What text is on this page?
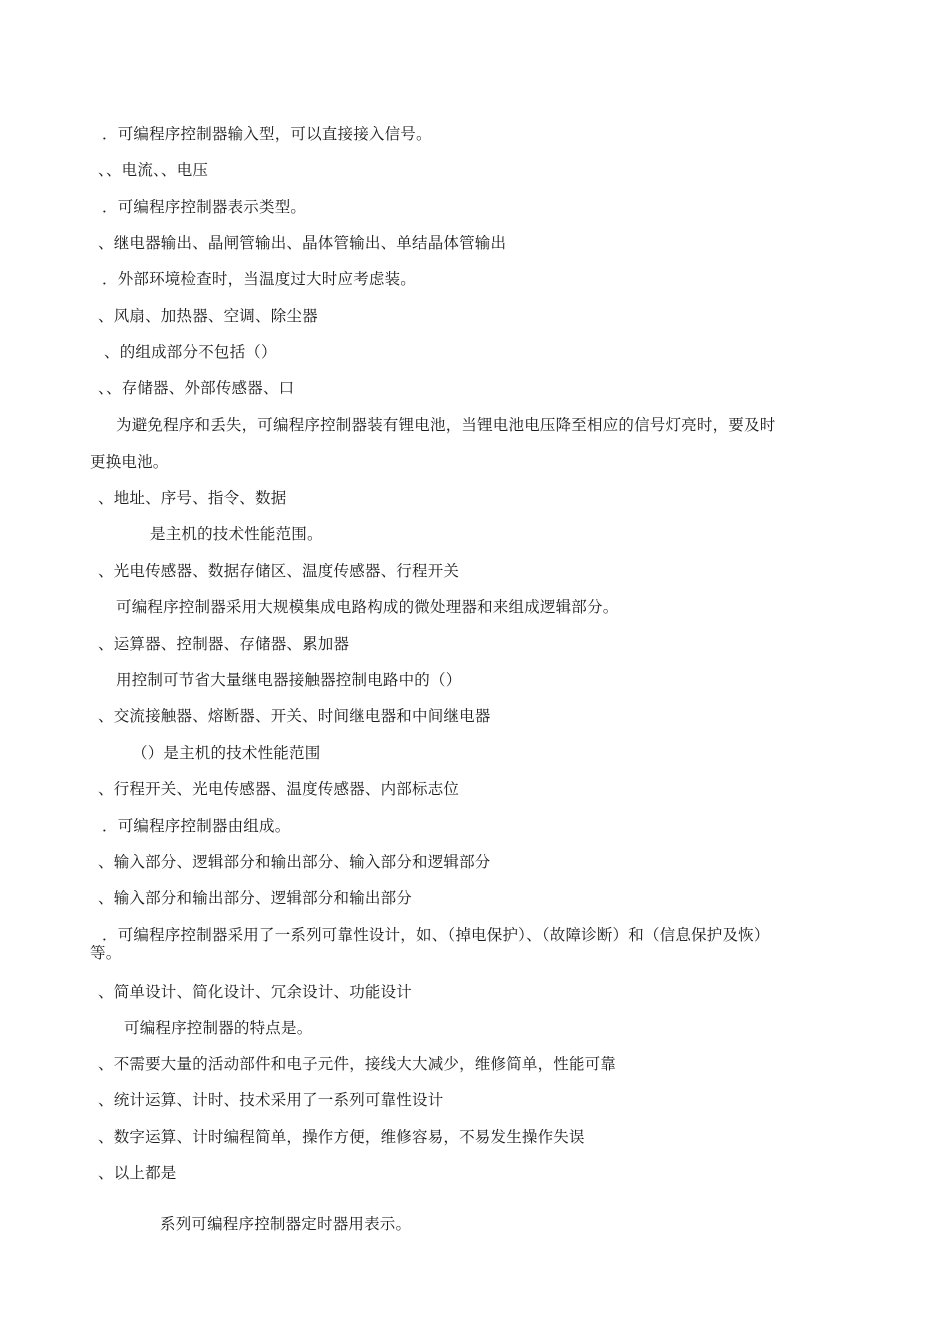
．可编程序控制器输入型，可以直接接入信号。
、、电流、、电压
．可编程序控制器表示类型。
、继电器输出、晶闸管输出、晶体管输出、单结晶体管输出
．外部环境检查时，当温度过大时应考虑装。
、风扇、加热器、空调、除尘器
、的组成部分不包括（）
、、存储器、外部传感器、口
为避免程序和丢失，可编程序控制器装有锂电池，当锂电池电压降至相应的信号灯亮时，要及时
更换电池。
、地址、序号、指令、数据
是主机的技术性能范围。
、光电传感器、数据存储区、温度传感器、行程开关
可编程序控制器采用大规模集成电路构成的微处理器和来组成逻辑部分。
、运算器、控制器、存储器、累加器
用控制可节省大量继电器接触器控制电路中的（）
、交流接触器、熔断器、开关、时间继电器和中间继电器
（）是主机的技术性能范围
、行程开关、光电传感器、温度传感器、内部标志位
．可编程序控制器由组成。
、输入部分、逻辑部分和输出部分、输入部分和逻辑部分
、输入部分和输出部分、逻辑部分和输出部分
．可编程序控制器采用了一系列可靠性设计，如、（掉电保护）、（故障诊断）和（信息保护及恢）
等。
、简单设计、简化设计、冗余设计、功能设计
可编程序控制器的特点是。
、不需要大量的活动部件和电子元件，接线大大减少，维修简单，性能可靠
、统计运算、计时、技术采用了一系列可靠性设计
、数字运算、计时编程简单，操作方便，维修容易，不易发生操作失误
、以上都是
系列可编程序控制器定时器用表示。
